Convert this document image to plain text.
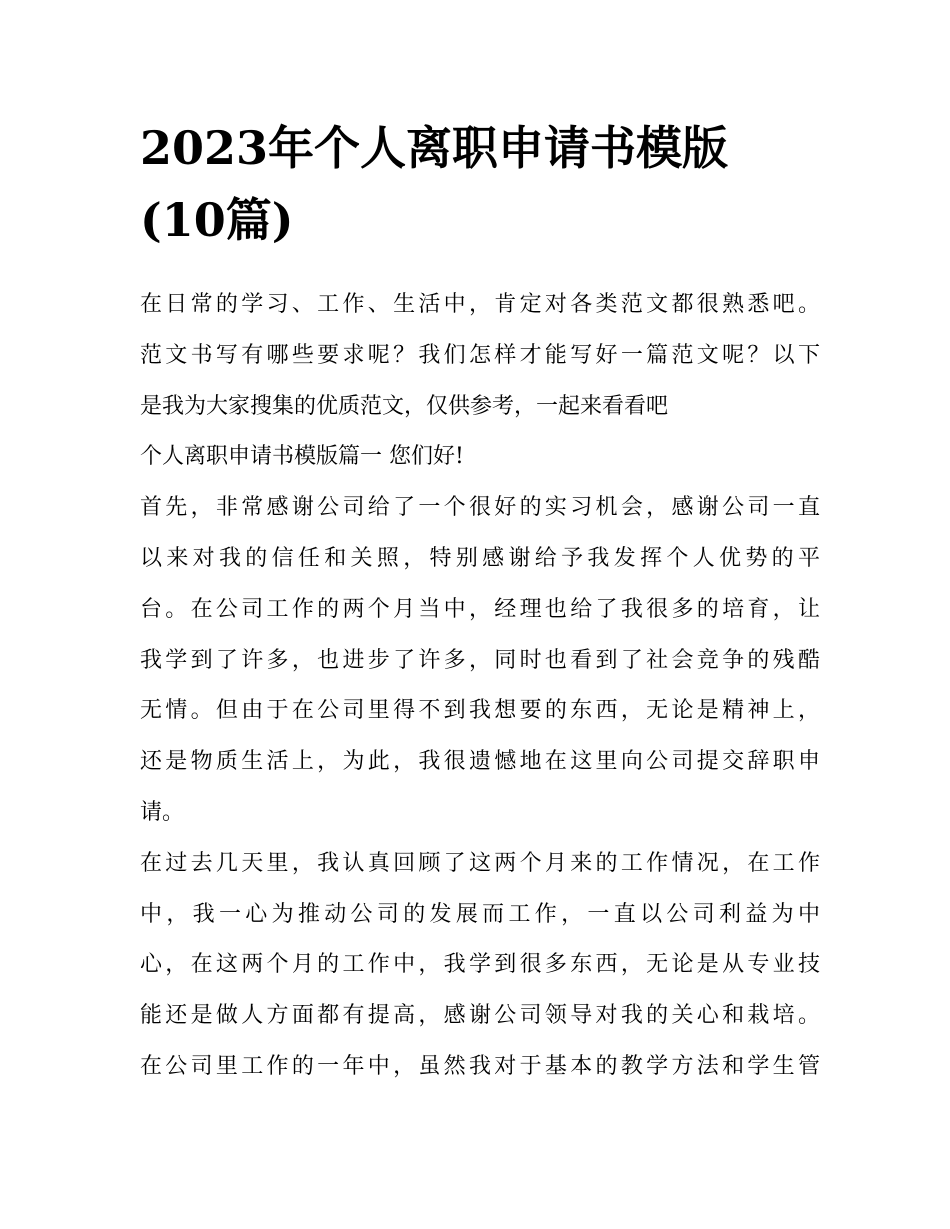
2023年个人离职申请书模版
(10篇)
在日常的学习、工作、生活中，肯定对各类范文都很熟悉吧。
范文书写有哪些要求呢？我们怎样才能写好一篇范文呢？以下
是我为大家搜集的优质范文，仅供参考，一起来看看吧
个人离职申请书模版篇一 您们好!
首先，非常感谢公司给了一个很好的实习机会，感谢公司一直
以来对我的信任和关照，特别感谢给予我发挥个人优势的平
台。在公司工作的两个月当中，经理也给了我很多的培育，让
我学到了许多，也进步了许多，同时也看到了社会竞争的残酷
无情。但由于在公司里得不到我想要的东西，无论是精神上，
还是物质生活上，为此，我很遗憾地在这里向公司提交辞职申
请。
在过去几天里，我认真回顾了这两个月来的工作情况，在工作
中，我一心为推动公司的发展而工作，一直以公司利益为中
心，在这两个月的工作中，我学到很多东西，无论是从专业技
能还是做人方面都有提高，感谢公司领导对我的关心和栽培。
在公司里工作的一年中，虽然我对于基本的教学方法和学生管
